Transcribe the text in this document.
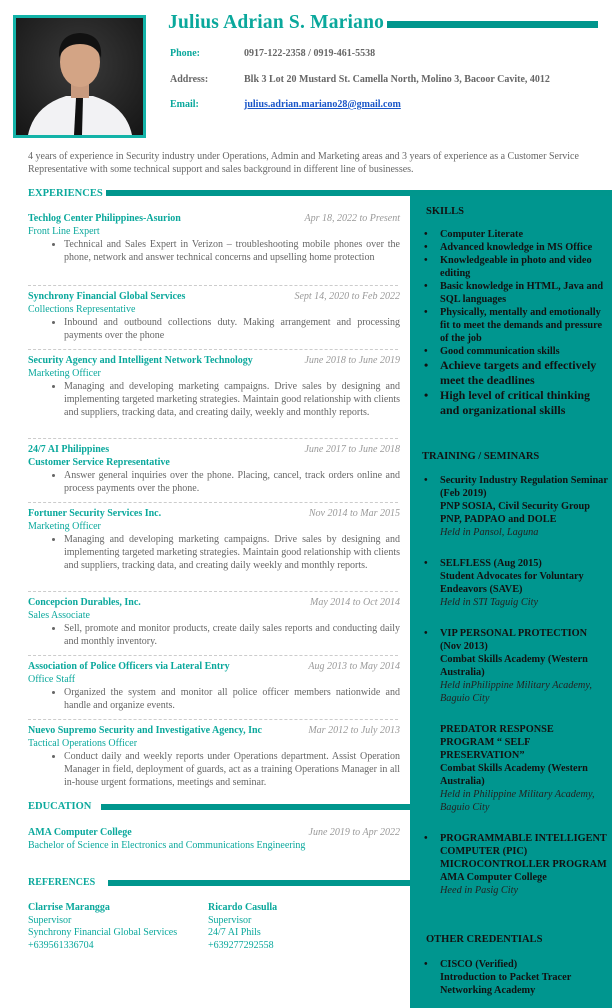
Julius Adrian S. Mariano
Phone:	0917-122-2358 / 0919-461-5538
Address:	Blk 3 Lot 20 Mustard St. Camella North, Molino 3, Bacoor Cavite, 4012
Email:	julius.adrian.mariano28@gmail.com
4 years of experience in Security industry under Operations, Admin and Marketing areas and 3 years of experience as a Customer Service Representative with some technical support and sales background in different line of businesses.
EXPERIENCES
Techlog Center Philippines-Asurion	Apr 18, 2022 to Present
Front Line Expert
• Technical and Sales Expert in Verizon – troubleshooting mobile phones over the phone, network and answer technical concerns and upselling home protection
Synchrony Financial Global Services	Sept 14, 2020 to Feb 2022
Collections Representative
• Inbound and outbound collections duty. Making arrangement and processing payments over the phone
Security Agency and Intelligent Network Technology	June 2018 to June 2019
Marketing Officer
• Managing and developing marketing campaigns. Drive sales by designing and implementing targeted marketing strategies. Maintain good relationship with clients and suppliers, tracking data, and creating daily, weekly and monthly reports.
24/7 AI Philippines	June 2017 to June 2018
Customer Service Representative
• Answer general inquiries over the phone. Placing, cancel, track orders online and process payments over the phone.
Fortuner Security Services Inc.	Nov 2014 to Mar 2015
Marketing Officer
• Managing and developing marketing campaigns. Drive sales by designing and implementing targeted marketing strategies. Maintain good relationship with clients and suppliers, tracking data, and creating daily weekly and monthly reports.
Concepcion Durables, Inc.	May 2014 to Oct 2014
Sales Associate
• Sell, promote and monitor products, create daily sales reports and conducting daily and monthly inventory.
Association of Police Officers via Lateral Entry	Aug 2013 to May 2014
Office Staff
• Organized the system and monitor all police officer members nationwide and handle and organize events.
Nuevo Supremo Security and Investigative Agency, Inc	Mar 2012 to July 2013
Tactical Operations Officer
• Conduct daily and weekly reports under Operations department. Assist Operation Manager in field, deployment of guards, act as a training Operations Manager in all in-house urgent formations, meetings and seminar.
EDUCATION
AMA Computer College	June 2019 to Apr 2022
Bachelor of Science in Electronics and Communications Engineering
REFERENCES
Clarrise Marangga
Supervisor
Synchrony Financial Global Services
+639561336704
Ricardo Casulla
Supervisor
24/7 AI Phils
+639277292558
SKILLS
• Computer Literate
• Advanced knowledge in MS Office
• Knowledgeable in photo and video editing
• Basic knowledge in HTML, Java and SQL languages
• Physically, mentally and emotionally fit to meet the demands and pressure of the job
• Good communication skills
• Achieve targets and effectively meet the deadlines
• High level of critical thinking and organizational skills
TRAINING / SEMINARS
• Security Industry Regulation Seminar (Feb 2019)
PNP SOSIA, Civil Security Group PNP, PADPAO and DOLE
Held in Pansol, Laguna
• SELFLESS (Aug 2015)
Student Advocates for Voluntary Endeavors (SAVE)
Held in STI Taguig City
• VIP PERSONAL PROTECTION (Nov 2013)
Combat Skills Academy (Western Australia)
Held inPhilippine Military Academy, Baguio City
PREDATOR RESPONSE PROGRAM “ SELF PRESERVATION”
Combat Skills Academy (Western Australia)
Held in Philippine Military Academy, Baguio City
• PROGRAMMABLE INTELLIGENT COMPUTER (PIC) MICROCONTROLLER PROGRAM
AMA Computer College
Heed in Pasig City
OTHER CREDENTIALS
• CISCO (Verified)
Introduction to Packet Tracer
Networking Academy
